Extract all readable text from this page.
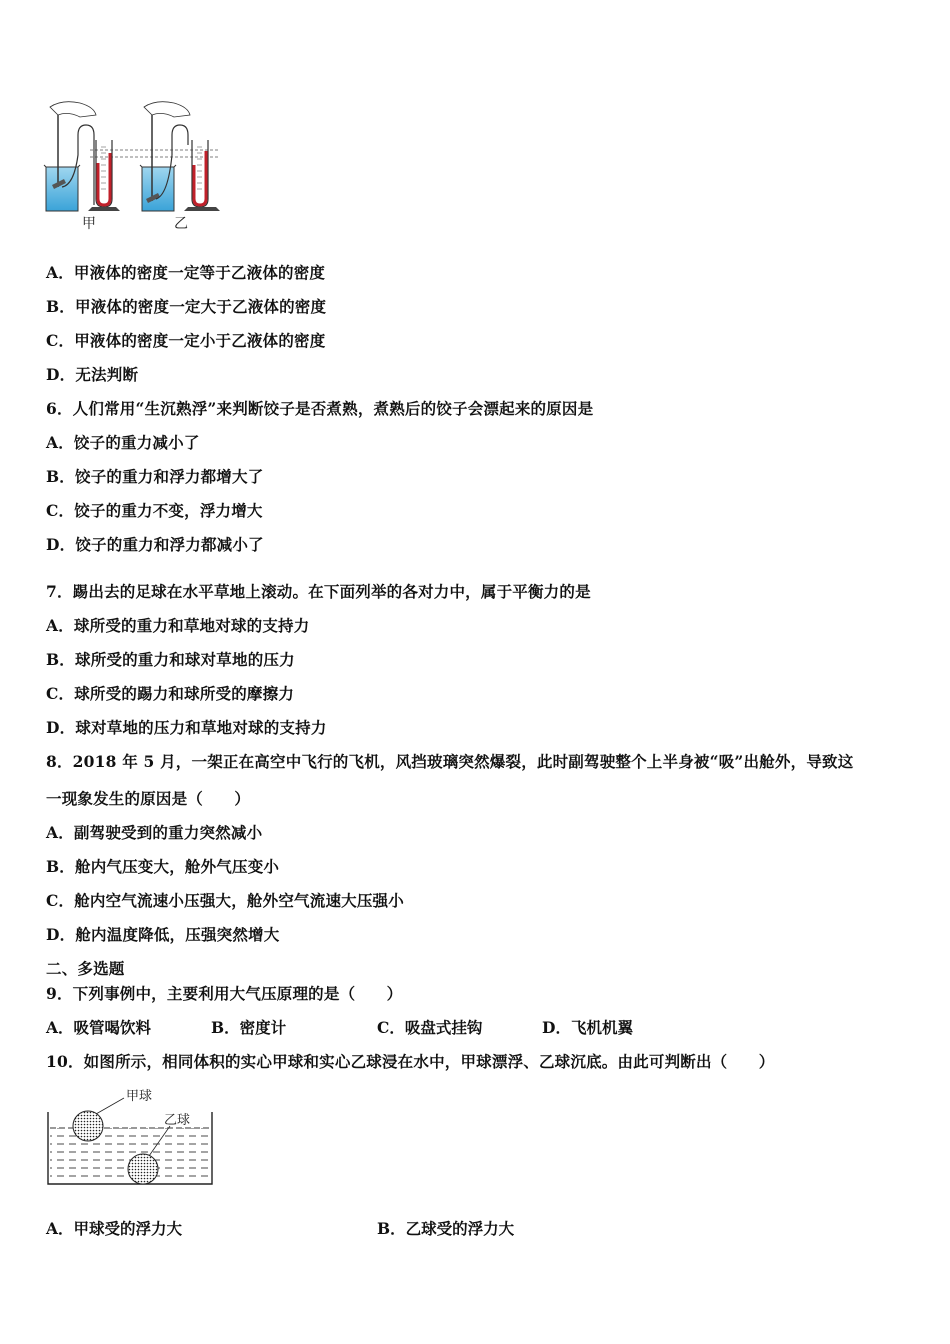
甲	乙
A．甲液体的密度一定等于乙液体的密度
B．甲液体的密度一定大于乙液体的密度
C．甲液体的密度一定小于乙液体的密度
D．无法判断
6．人们常用“生沉熟浮”来判断饺子是否煮熟，煮熟后的饺子会漂起来的原因是
A．饺子的重力减小了
B．饺子的重力和浮力都增大了
C．饺子的重力不变，浮力增大
D．饺子的重力和浮力都减小了
7．踢出去的足球在水平草地上滚动。在下面列举的各对力中，属于平衡力的是
A．球所受的重力和草地对球的支持力
B．球所受的重力和球对草地的压力
C．球所受的踢力和球所受的摩擦力
D．球对草地的压力和草地对球的支持力
8．2018 年 5 月，一架正在高空中飞行的飞机，风挡玻璃突然爆裂，此时副驾驶整个上半身被“吸”出舱外，导致这
一现象发生的原因是（　　）
A．副驾驶受到的重力突然减小
B．舱内气压变大，舱外气压变小
C．舱内空气流速小压强大，舱外空气流速大压强小
D．舱内温度降低，压强突然增大
二、多选题
9．下列事例中，主要利用大气压原理的是（　　）
A．吸管喝饮料	B．密度计	C．吸盘式挂钩	D．飞机机翼
10．如图所示，相同体积的实心甲球和实心乙球浸在水中，甲球漂浮、乙球沉底。由此可判断出（　　）
甲球
乙球
A．甲球受的浮力大	B．乙球受的浮力大
